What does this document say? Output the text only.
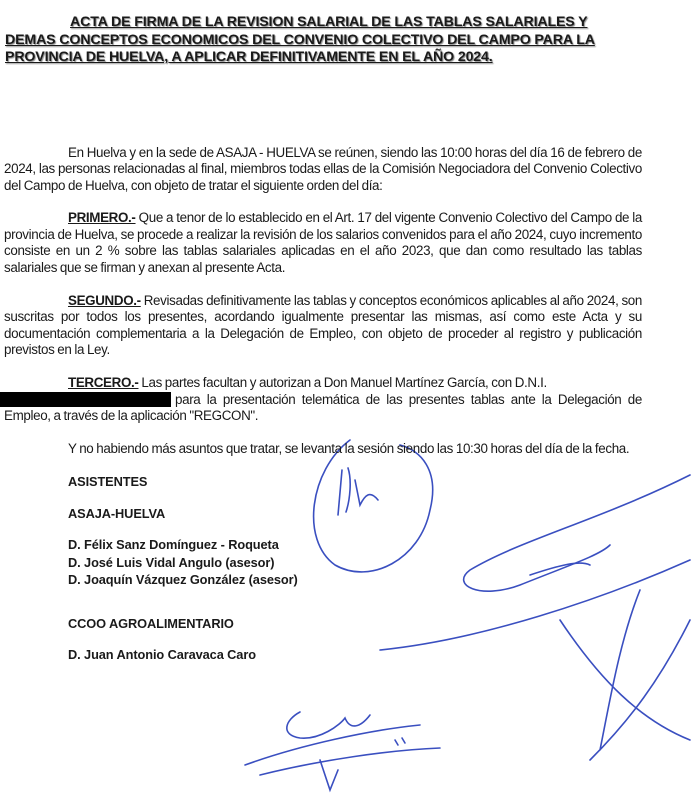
ACTA DE FIRMA DE LA REVISION SALARIAL DE LAS TABLAS SALARIALES Y
DEMAS CONCEPTOS ECONOMICOS DEL CONVENIO COLECTIVO DEL CAMPO PARA LA
PROVINCIA DE HUELVA, A APLICAR DEFINITIVAMENTE EN EL AÑO 2024.
En Huelva y en la sede de ASAJA - HUELVA se reúnen, siendo las 10:00 horas del día 16 de febrero de 2024, las personas relacionadas al final, miembros todas ellas de la Comisión Negociadora del Convenio Colectivo del Campo de Huelva, con objeto de tratar el siguiente orden del día:
PRIMERO.- Que a tenor de lo establecido en el Art. 17 del vigente Convenio Colectivo del Campo de la provincia de Huelva, se procede a realizar la revisión de los salarios convenidos para el año 2024, cuyo incremento consiste en un 2 % sobre las tablas salariales aplicadas en el año 2023, que dan como resultado las tablas salariales que se firman y anexan al presente Acta.
SEGUNDO.- Revisadas definitivamente las tablas y conceptos económicos aplicables al año 2024, son suscritas por todos los presentes, acordando igualmente presentar las mismas, así como este Acta y su documentación complementaria a la Delegación de Empleo, con objeto de proceder al registro y publicación previstos en la Ley.
TERCERO.- Las partes facultan y autorizan a Don Manuel Martínez García, con D.N.I.
para la presentación telemática de las presentes tablas ante la Delegación de Empleo, a través de la aplicación "REGCON".
Y no habiendo más asuntos que tratar, se levanta la sesión siendo las 10:30 horas del día de la fecha.
ASISTENTES
ASAJA-HUELVA
D. Félix Sanz Domínguez - Roqueta
D. José Luis Vidal Angulo (asesor)
D. Joaquín Vázquez González (asesor)
CCOO AGROALIMENTARIO
D. Juan Antonio Caravaca Caro
